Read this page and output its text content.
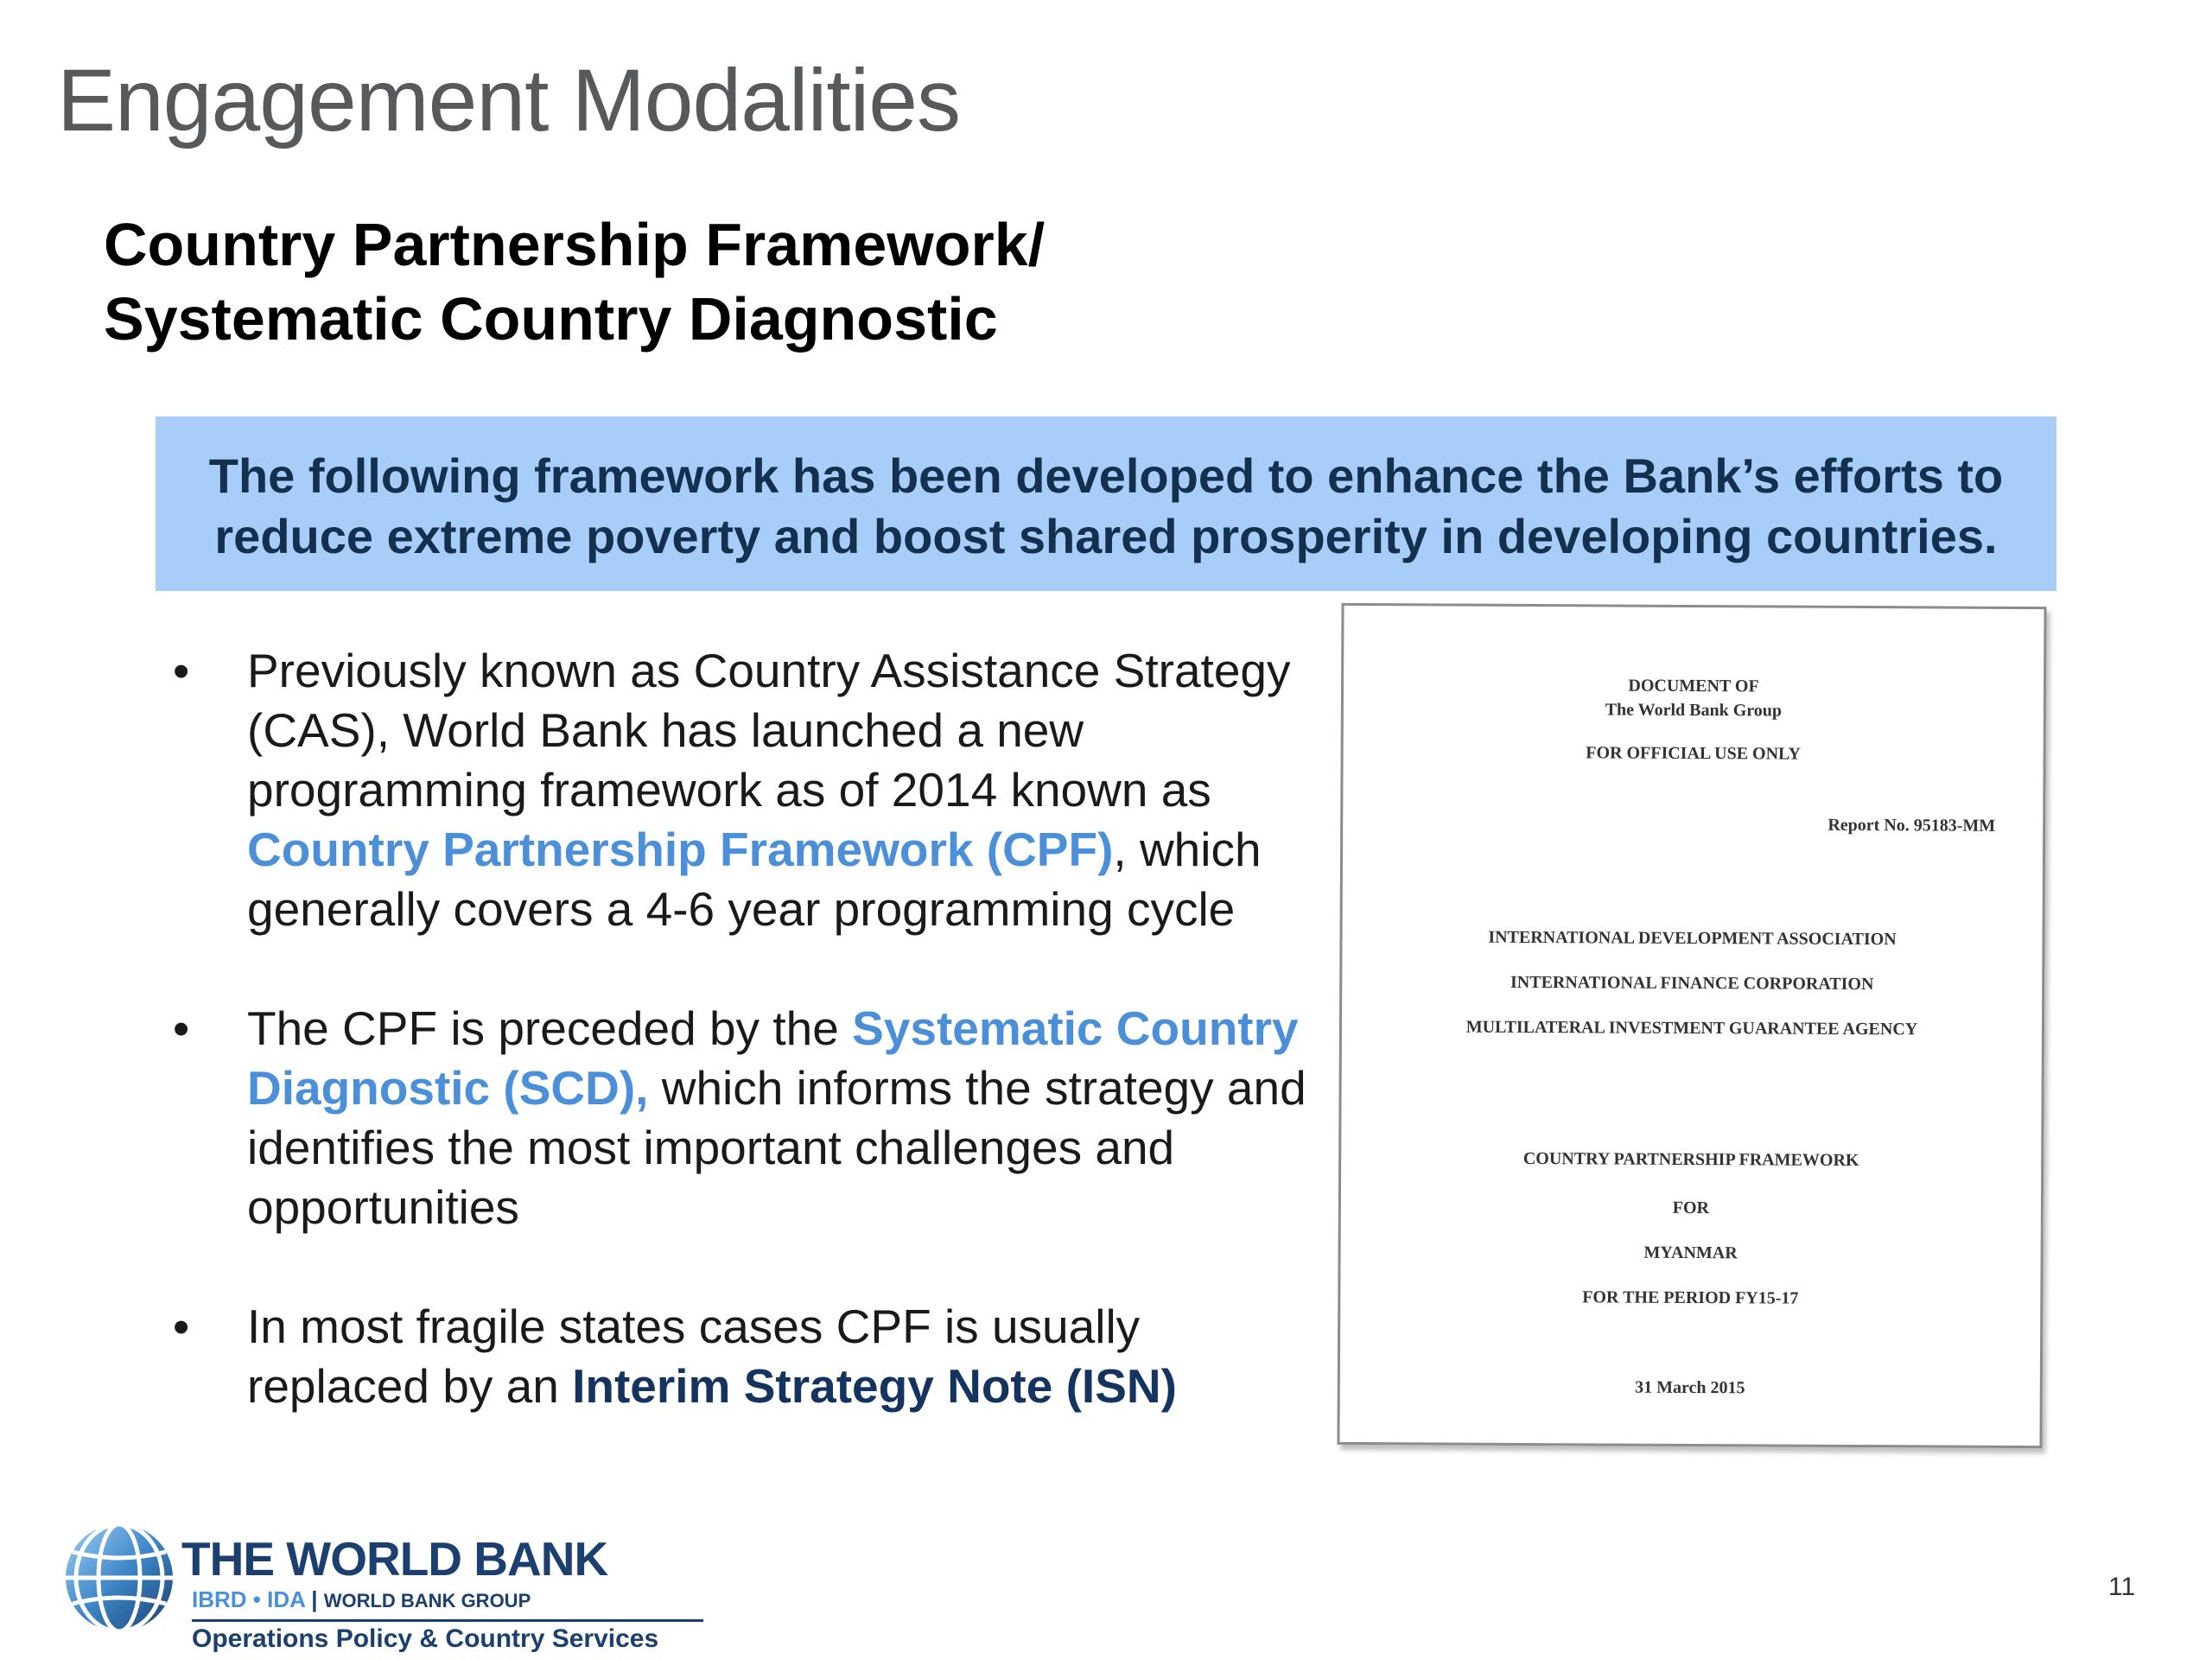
Engagement Modalities
Country Partnership Framework/
Systematic Country Diagnostic
The following framework has been developed to enhance the Bank’s efforts to
reduce extreme poverty and boost shared prosperity in developing countries.
• Previously known as Country Assistance Strategy (CAS), World Bank has launched a new programming framework as of 2014 known as Country Partnership Framework (CPF), which generally covers a 4-6 year programming cycle
• The CPF is preceded by the Systematic Country Diagnostic (SCD), which informs the strategy and identifies the most important challenges and opportunities
• In most fragile states cases CPF is usually replaced by an Interim Strategy Note (ISN)
DOCUMENT OF
The World Bank Group
FOR OFFICIAL USE ONLY
Report No. 95183-MM
INTERNATIONAL DEVELOPMENT ASSOCIATION
INTERNATIONAL FINANCE CORPORATION
MULTILATERAL INVESTMENT GUARANTEE AGENCY
COUNTRY PARTNERSHIP FRAMEWORK
FOR
MYANMAR
FOR THE PERIOD FY15-17
31 March 2015
THE WORLD BANK
IBRD • IDA | WORLD BANK GROUP
Operations Policy & Country Services
11
